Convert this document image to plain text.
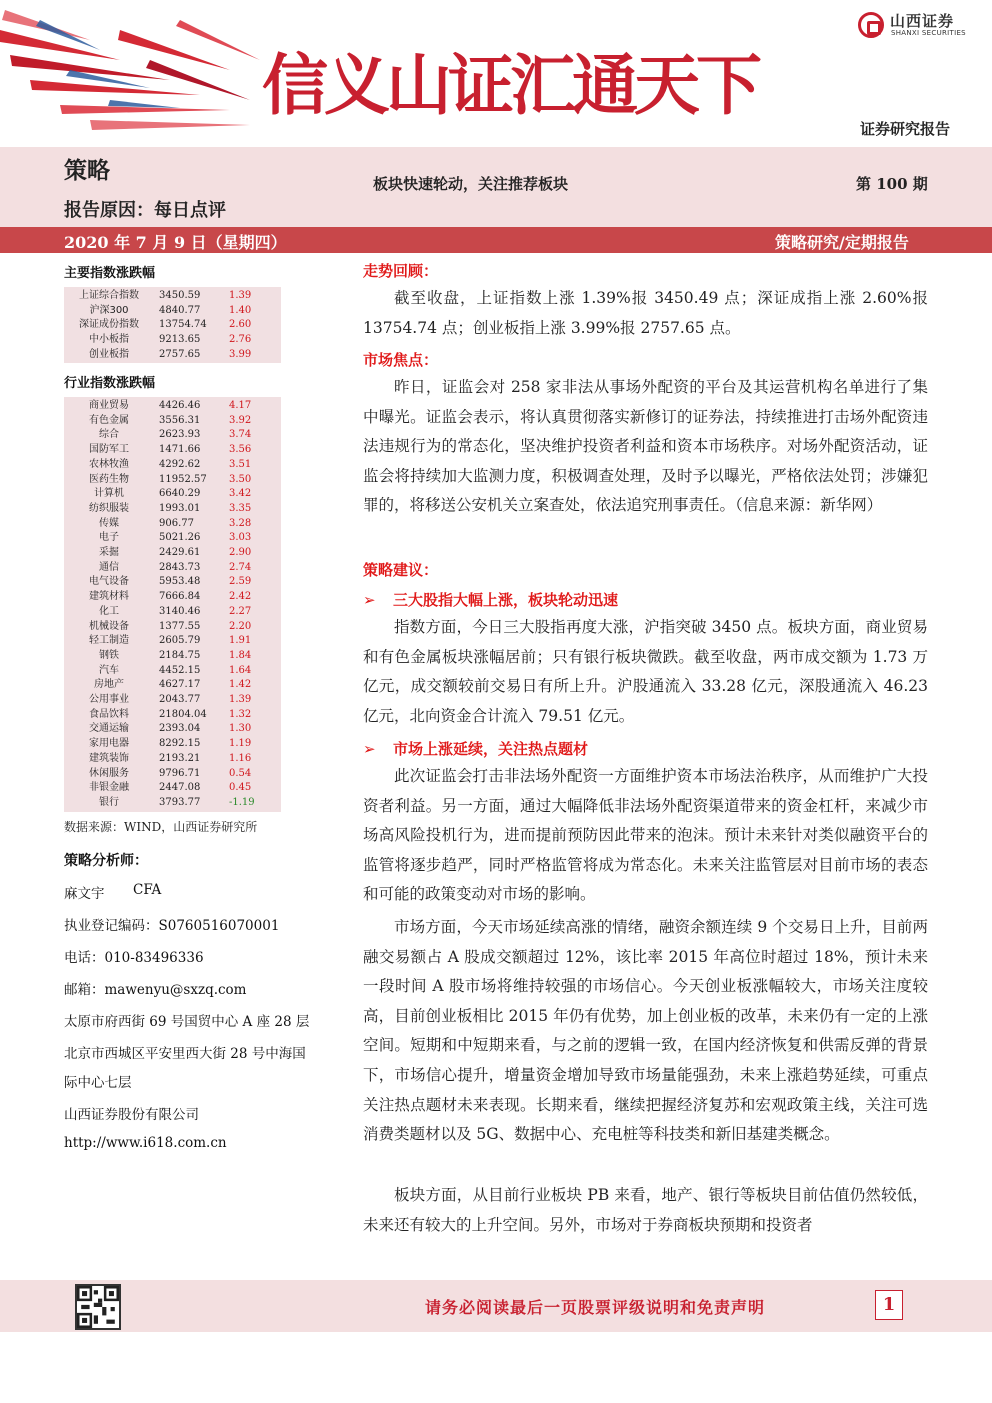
信义山证汇通天下
山西证券
SHANXI SECURITIES
证券研究报告
策略	板块快速轮动，关注推荐板块	第 100 期
报告原因：每日点评
2020 年 7 月 9 日（星期四）	策略研究/定期报告
主要指数涨跌幅
上证综合指数	3450.59	1.39
沪深300	4840.77	1.40
深证成份指数	13754.74	2.60
中小板指	9213.65	2.76
创业板指	2757.65	3.99
行业指数涨跌幅
商业贸易	4426.46	4.17
有色金属	3556.31	3.92
综合	2623.93	3.74
国防军工	1471.66	3.56
农林牧渔	4292.62	3.51
医药生物	11952.57	3.50
计算机	6640.29	3.42
纺织服装	1993.01	3.35
传媒	906.77	3.28
电子	5021.26	3.03
采掘	2429.61	2.90
通信	2843.73	2.74
电气设备	5953.48	2.59
建筑材料	7666.84	2.42
化工	3140.46	2.27
机械设备	1377.55	2.20
轻工制造	2605.79	1.91
钢铁	2184.75	1.84
汽车	4452.15	1.64
房地产	4627.17	1.42
公用事业	2043.77	1.39
食品饮料	21804.04	1.32
交通运输	2393.04	1.30
家用电器	8292.15	1.19
建筑装饰	2193.21	1.16
休闲服务	9796.71	0.54
非银金融	2447.08	0.45
银行	3793.77	-1.19
数据来源：WIND，山西证券研究所
策略分析师：
麻文宇 CFA
执业登记编码：S0760516070001
电话：010-83496336
邮箱：mawenyu@sxzq.com
太原市府西街 69 号国贸中心 A 座 28 层
北京市西城区平安里西大街 28 号中海国
际中心七层
山西证券股份有限公司
http://www.i618.com.cn
走势回顾：
截至收盘，上证指数上涨 1.39%报 3450.49 点；深证成指上涨 2.60%报 13754.74 点；创业板指上涨 3.99%报 2757.65 点。
市场焦点：
昨日，证监会对 258 家非法从事场外配资的平台及其运营机构名单进行了集中曝光。证监会表示，将认真贯彻落实新修订的证券法，持续推进打击场外配资违法违规行为的常态化，坚决维护投资者利益和资本市场秩序。对场外配资活动，证监会将持续加大监测力度，积极调查处理，及时予以曝光，严格依法处罚；涉嫌犯罪的，将移送公安机关立案查处，依法追究刑事责任。（信息来源：新华网）
策略建议：
➢ 三大股指大幅上涨，板块轮动迅速
指数方面，今日三大股指再度大涨，沪指突破 3450 点。板块方面，商业贸易和有色金属板块涨幅居前；只有银行板块微跌。截至收盘，两市成交额为 1.73 万亿元，成交额较前交易日有所上升。沪股通流入 33.28 亿元，深股通流入 46.23 亿元，北向资金合计流入 79.51 亿元。
➢ 市场上涨延续，关注热点题材
此次证监会打击非法场外配资一方面维护资本市场法治秩序，从而维护广大投资者利益。另一方面，通过大幅降低非法场外配资渠道带来的资金杠杆，来减少市场高风险投机行为，进而提前预防因此带来的泡沫。预计未来针对类似融资平台的监管将逐步趋严，同时严格监管将成为常态化。未来关注监管层对目前市场的表态和可能的政策变动对市场的影响。
市场方面，今天市场延续高涨的情绪，融资余额连续 9 个交易日上升，目前两融交易额占 A 股成交额超过 12%，该比率 2015 年高位时超过 18%，预计未来一段时间 A 股市场将维持较强的市场信心。今天创业板涨幅较大，市场关注度较高，目前创业板相比 2015 年仍有优势，加上创业板的改革，未来仍有一定的上涨空间。短期和中短期来看，与之前的逻辑一致，在国内经济恢复和供需反弹的背景下，市场信心提升，增量资金增加导致市场量能强劲，未来上涨趋势延续，可重点关注热点题材未来表现。长期来看，继续把握经济复苏和宏观政策主线，关注可选消费类题材以及 5G、数据中心、充电桩等科技类和新旧基建类概念。
板块方面，从目前行业板块 PB 来看，地产、银行等板块目前估值仍然较低，未来还有较大的上升空间。另外，市场对于券商板块预期和投资者
请务必阅读最后一页股票评级说明和免责声明	1
